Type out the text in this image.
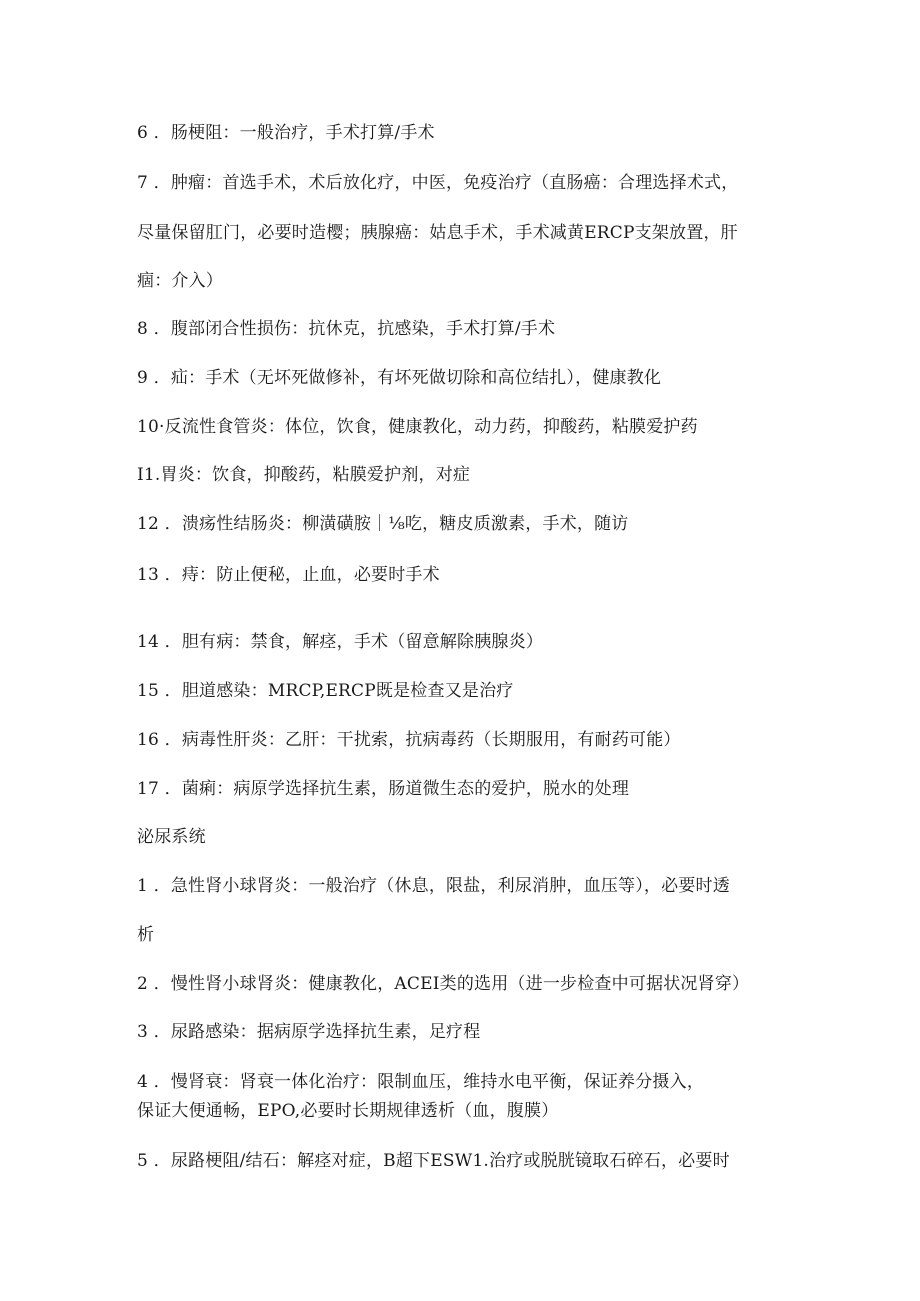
6 ．肠梗阻：一般治疗，手术打算/手术
7 ．肿瘤：首选手术，术后放化疗，中医，免疫治疗（直肠癌：合理选择术式，
尽量保留肛门，必要时造樱；胰腺癌：姑息手术，手术减黄ERCP支架放置，肝
痼：介入）
8 ．腹部闭合性损伤：抗休克，抗感染，手术打算/手术
9 ．疝：手术（无坏死做修补，有坏死做切除和高位结扎），健康教化
10·反流性食管炎：体位，饮食，健康教化，动力药，抑酸药，粘膜爱护药
I1.胃炎：饮食，抑酸药，粘膜爱护剂，对症
12 ．溃疡性结肠炎：柳潢磺胺｜⅛吃，糖皮质激素，手术，随访
13 ．痔：防止便秘，止血，必要时手术
14 ．胆有病：禁食，解痉，手术（留意解除胰腺炎）
15 ．胆道感染：MRCP,ERCP既是检查又是治疗
16 ．病毒性肝炎：乙肝：干扰索，抗病毒药（长期服用，有耐药可能）
17 ．菌痢：病原学选择抗生素，肠道微生态的爱护，脱水的处理
泌尿系统
1 ．急性肾小球肾炎：一般治疗（休息，限盐，利尿消肿，血压等），必要时透
析
2 ．慢性肾小球肾炎：健康教化，ACEI类的选用（进一步检查中可据状况肾穿）
3 ．尿路感染：据病原学选择抗生素，足疗程
4 ．慢肾衰：肾衰一体化治疗：限制血压，维持水电平衡，保证养分摄入，
保证大便通畅，EPO,必要时长期规律透析（血，腹膜）
5 ．尿路梗阻/结石：解痉对症，B超下ESW1.治疗或脱胱镜取石碎石，必要时
